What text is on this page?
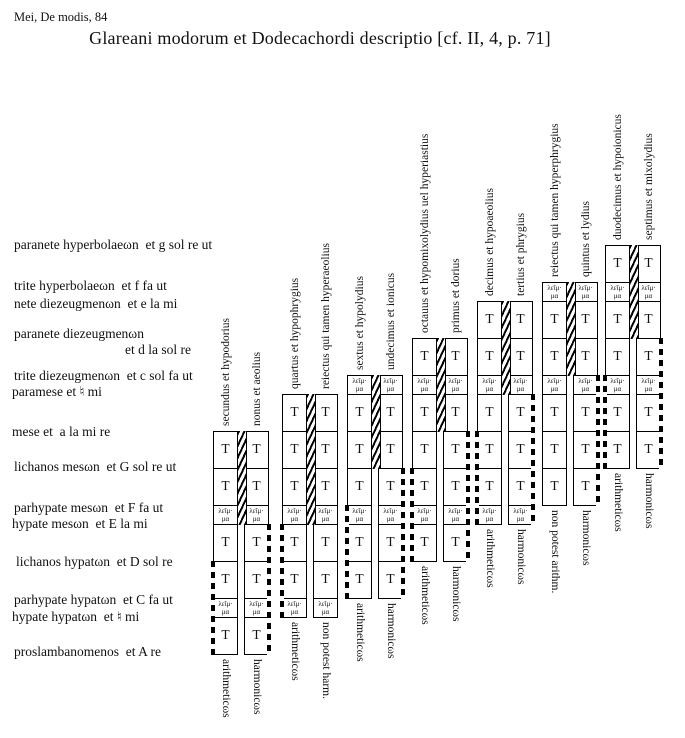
Mei, De modis, 84
Glareani modorum et Dodecachordi descriptio [cf. II, 4, p. 71]
paranete hyperbolaeωn  et g sol re ut
trite hyperbolaeωn  et f fa ut
nete diezeugmenωn  et e la mi
paranete diezeugmenωn
et d la sol re
trite diezeugmenωn  et c sol fa ut
paramese et ♮ mi
mese et  a la mi re
lichanos mesωn  et G sol re ut
parhypate mesωn  et F fa ut
hypate mesωn  et E la mi
lichanos hypatωn  et D sol re
parhypate hypatωn  et C fa ut
hypate hypatωn  et ♮ mi
proslambanomenos  et A re
T
T
λεῖμ·
μα
T
T
λεῖμ·
μα
T
T
T
λεῖμ·
μα
T
T
λεῖμ·
μα
T
secundus et hypodorius
arithmeticωs
nonus et aeolius
harmonicωs
T
T
T
λεῖμ·
μα
T
T
λεῖμ·
μα
T
T
T
λεῖμ·
μα
T
T
λεῖμ·
μα
quartus et hypophrygius
arithmeticωs
reiectus qui tamen hyperaeolius
non potest harm.
λεῖμ·
μα
T
T
T
λεῖμ·
μα
T
T
λεῖμ·
μα
T
T
T
λεῖμ·
μα
T
T
sextus et hypolydius
arithmeticωs
undecimus et ionicus
harmonicωs
T
λεῖμ·
μα
T
T
T
λεῖμ·
μα
T
T
λεῖμ·
μα
T
T
T
λεῖμ·
μα
T
octauus et hypomixolydius uel hyperiastius
arithmeticωs
primus et dorius
harmonicωs
T
T
λεῖμ·
μα
T
T
T
λεῖμ·
μα
T
T
λεῖμ·
μα
T
T
T
λεῖμ·
μα
decimus et hypoaeolius
arithmeticωs
tertius et phrygius
harmonicωs
λεῖμ·
μα
T
T
λεῖμ·
μα
T
T
T
λεῖμ·
μα
T
T
λεῖμ·
μα
T
T
T
reiectus qui tamen hyperphrygius
non potest arithm.
quintus et lydius
harmonicωs
T
λεῖμ·
μα
T
T
λεῖμ·
μα
T
T
T
λεῖμ·
μα
T
T
λεῖμ·
μα
T
T
duodecimus et hypoionicus
arithmeticωs
septimus et mixolydius
harmonicωs
